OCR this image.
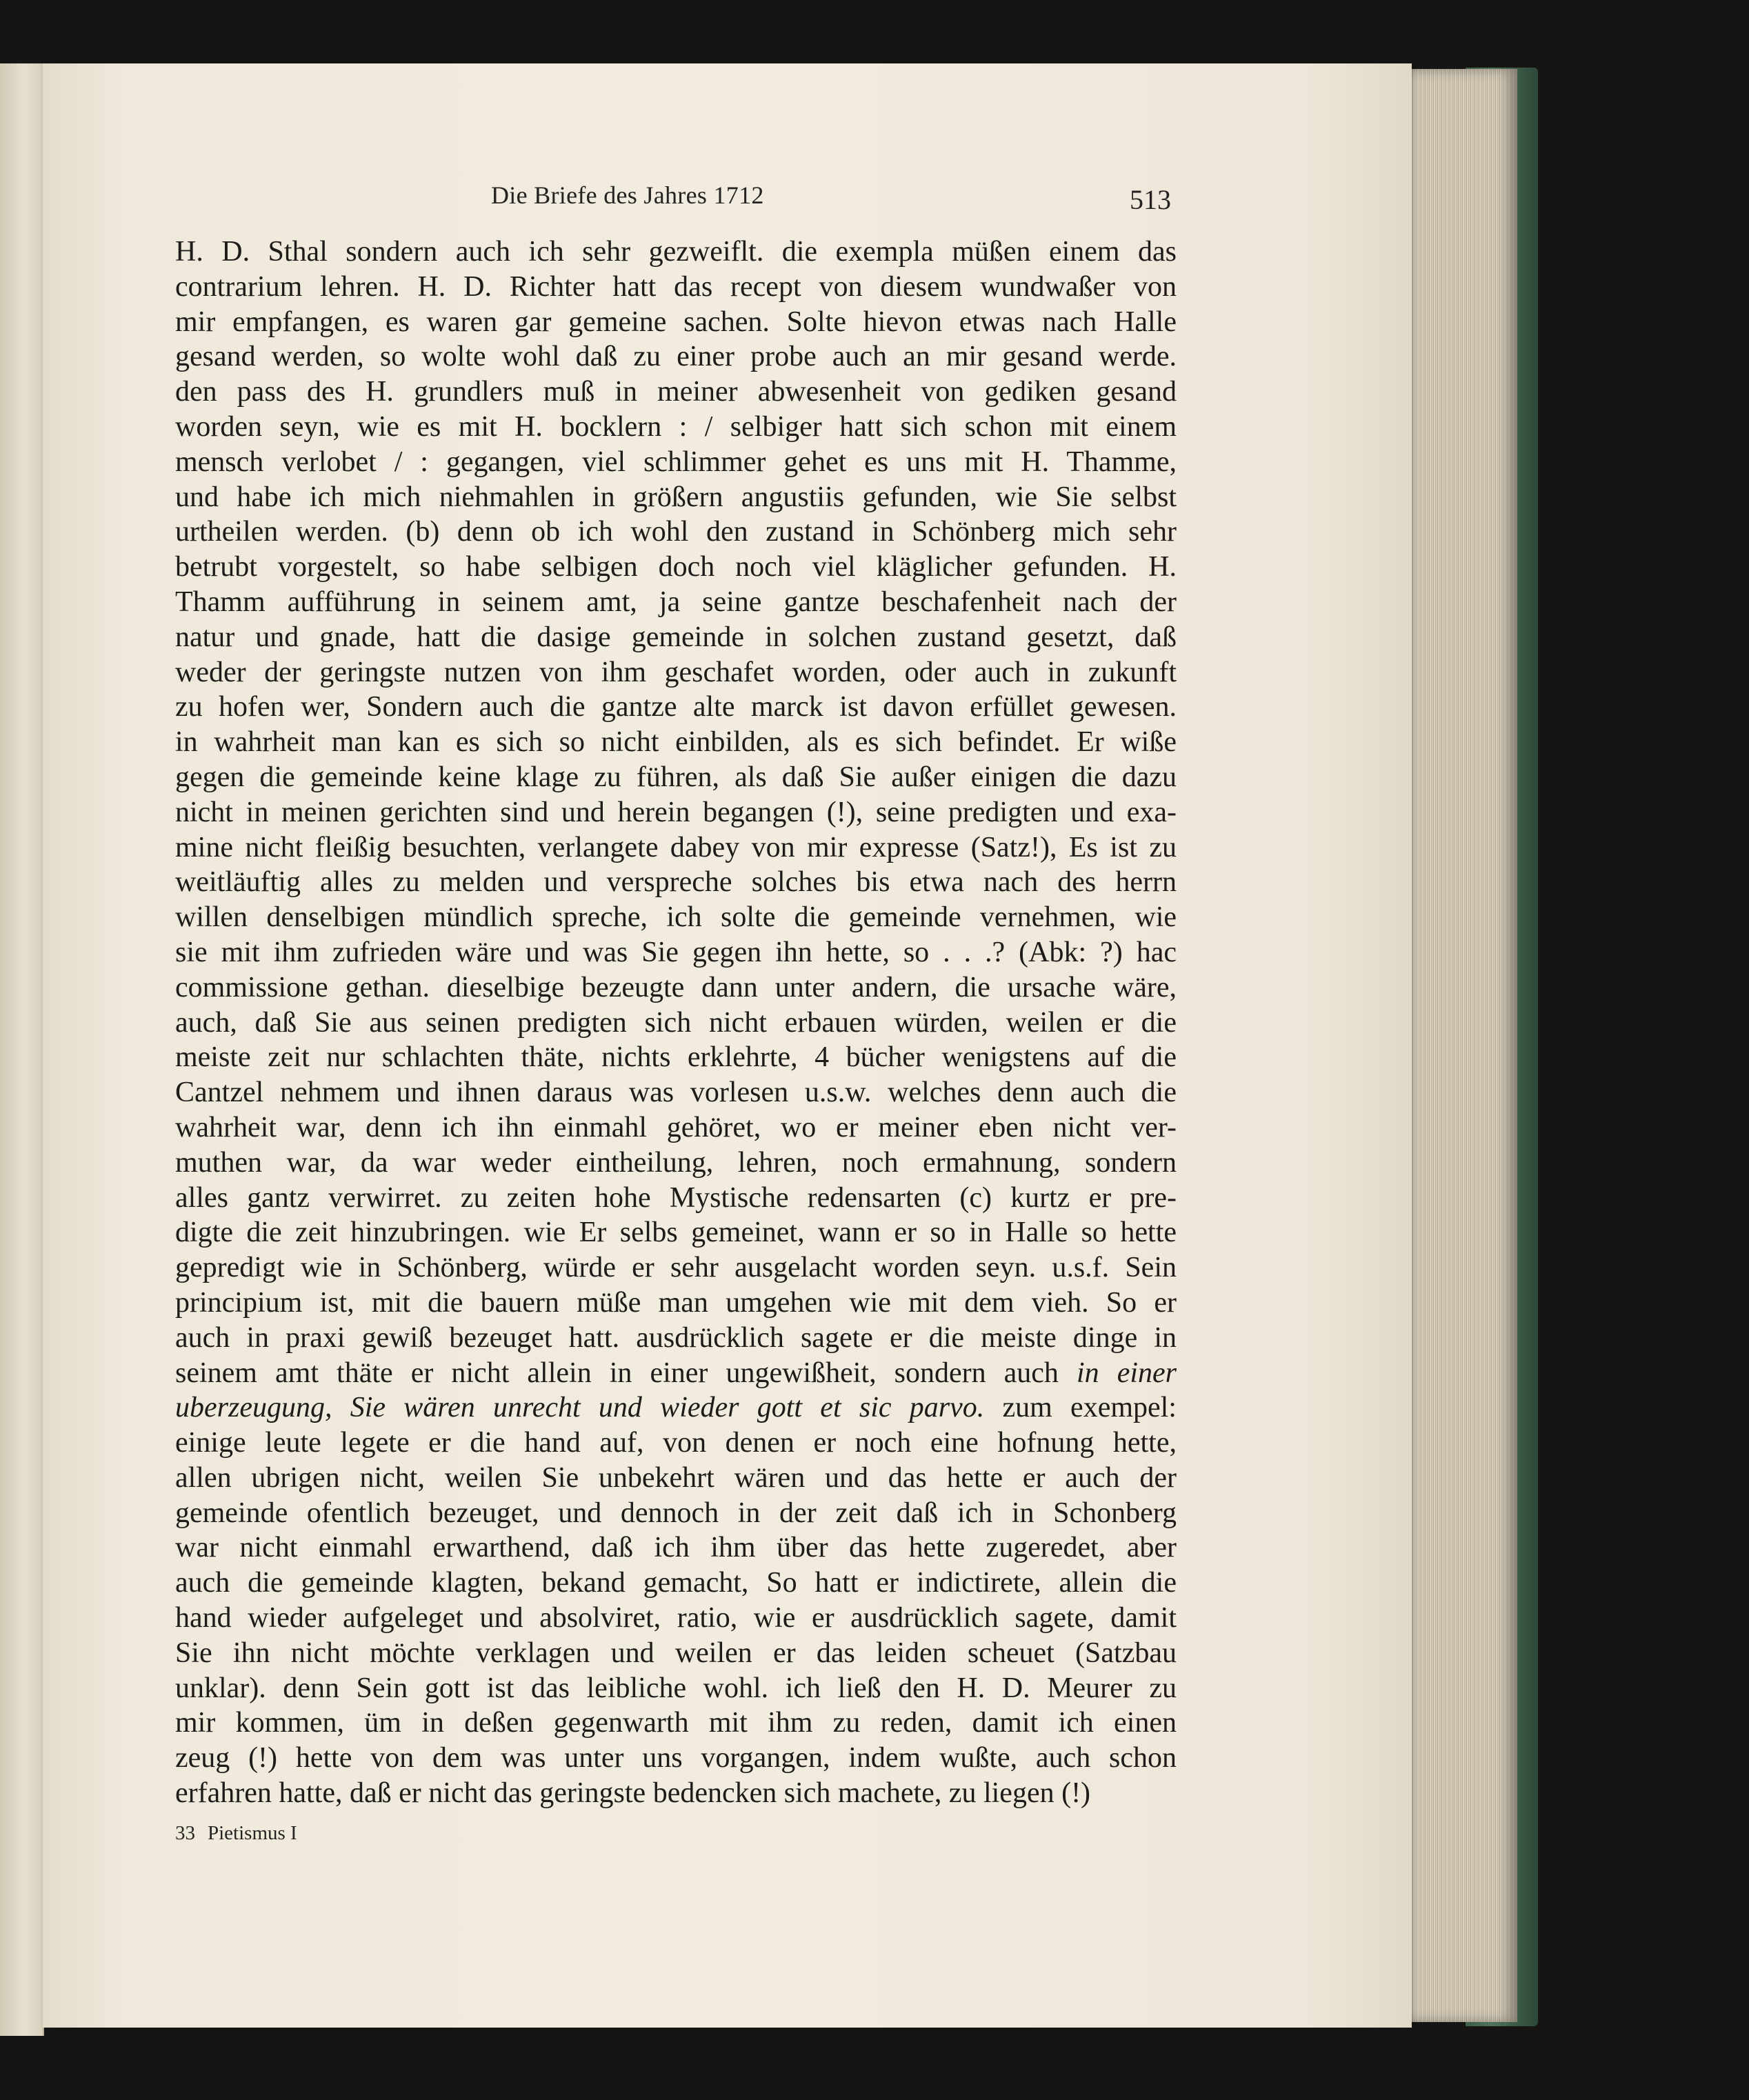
Die Briefe des Jahres 1712	513
H. D. Sthal sondern auch ich sehr gezweiflt. die exempla müßen einem das
contrarium lehren. H. D. Richter hatt das recept von diesem wundwaßer von
mir empfangen, es waren gar gemeine sachen. Solte hievon etwas nach Halle
gesand werden, so wolte wohl daß zu einer probe auch an mir gesand werde.
den pass des H. grundlers muß in meiner abwesenheit von gediken gesand
worden seyn, wie es mit H. bocklern : / selbiger hatt sich schon mit einem
mensch verlobet / : gegangen, viel schlimmer gehet es uns mit H. Thamme,
und habe ich mich niehmahlen in größern angustiis gefunden, wie Sie selbst
urtheilen werden. (b) denn ob ich wohl den zustand in Schönberg mich sehr
betrubt vorgestelt, so habe selbigen doch noch viel kläglicher gefunden. H.
Thamm aufführung in seinem amt, ja seine gantze beschafenheit nach der
natur und gnade, hatt die dasige gemeinde in solchen zustand gesetzt, daß
weder der geringste nutzen von ihm geschafet worden, oder auch in zukunft
zu hofen wer, Sondern auch die gantze alte marck ist davon erfüllet gewesen.
in wahrheit man kan es sich so nicht einbilden, als es sich befindet. Er wiße
gegen die gemeinde keine klage zu führen, als daß Sie außer einigen die dazu
nicht in meinen gerichten sind und herein begangen (!), seine predigten und exa-
mine nicht fleißig besuchten, verlangete dabey von mir expresse (Satz!), Es ist zu
weitläuftig alles zu melden und verspreche solches bis etwa nach des herrn
willen denselbigen mündlich spreche, ich solte die gemeinde vernehmen, wie
sie mit ihm zufrieden wäre und was Sie gegen ihn hette, so . . .? (Abk: ?) hac
commissione gethan. dieselbige bezeugte dann unter andern, die ursache wäre,
auch, daß Sie aus seinen predigten sich nicht erbauen würden, weilen er die
meiste zeit nur schlachten thäte, nichts erklehrte, 4 bücher wenigstens auf die
Cantzel nehmem und ihnen daraus was vorlesen u.s.w. welches denn auch die
wahrheit war, denn ich ihn einmahl gehöret, wo er meiner eben nicht ver-
muthen war, da war weder eintheilung, lehren, noch ermahnung, sondern
alles gantz verwirret. zu zeiten hohe Mystische redensarten (c) kurtz er pre-
digte die zeit hinzubringen. wie Er selbs gemeinet, wann er so in Halle so hette
gepredigt wie in Schönberg, würde er sehr ausgelacht worden seyn. u.s.f. Sein
principium ist, mit die bauern müße man umgehen wie mit dem vieh. So er
auch in praxi gewiß bezeuget hatt. ausdrücklich sagete er die meiste dinge in
seinem amt thäte er nicht allein in einer ungewißheit, sondern auch in einer
uberzeugung, Sie wären unrecht und wieder gott et sic parvo. zum exempel:
einige leute legete er die hand auf, von denen er noch eine hofnung hette,
allen ubrigen nicht, weilen Sie unbekehrt wären und das hette er auch der
gemeinde ofentlich bezeuget, und dennoch in der zeit daß ich in Schonberg
war nicht einmahl erwarthend, daß ich ihm über das hette zugeredet, aber
auch die gemeinde klagten, bekand gemacht, So hatt er indictirete, allein die
hand wieder aufgeleget und absolviret, ratio, wie er ausdrücklich sagete, damit
Sie ihn nicht möchte verklagen und weilen er das leiden scheuet (Satzbau
unklar). denn Sein gott ist das leibliche wohl. ich ließ den H. D. Meurer zu
mir kommen, üm in deßen gegenwarth mit ihm zu reden, damit ich einen
zeug (!) hette von dem was unter uns vorgangen, indem wußte, auch schon
erfahren hatte, daß er nicht das geringste bedencken sich machete, zu liegen (!)
33 Pietismus I
